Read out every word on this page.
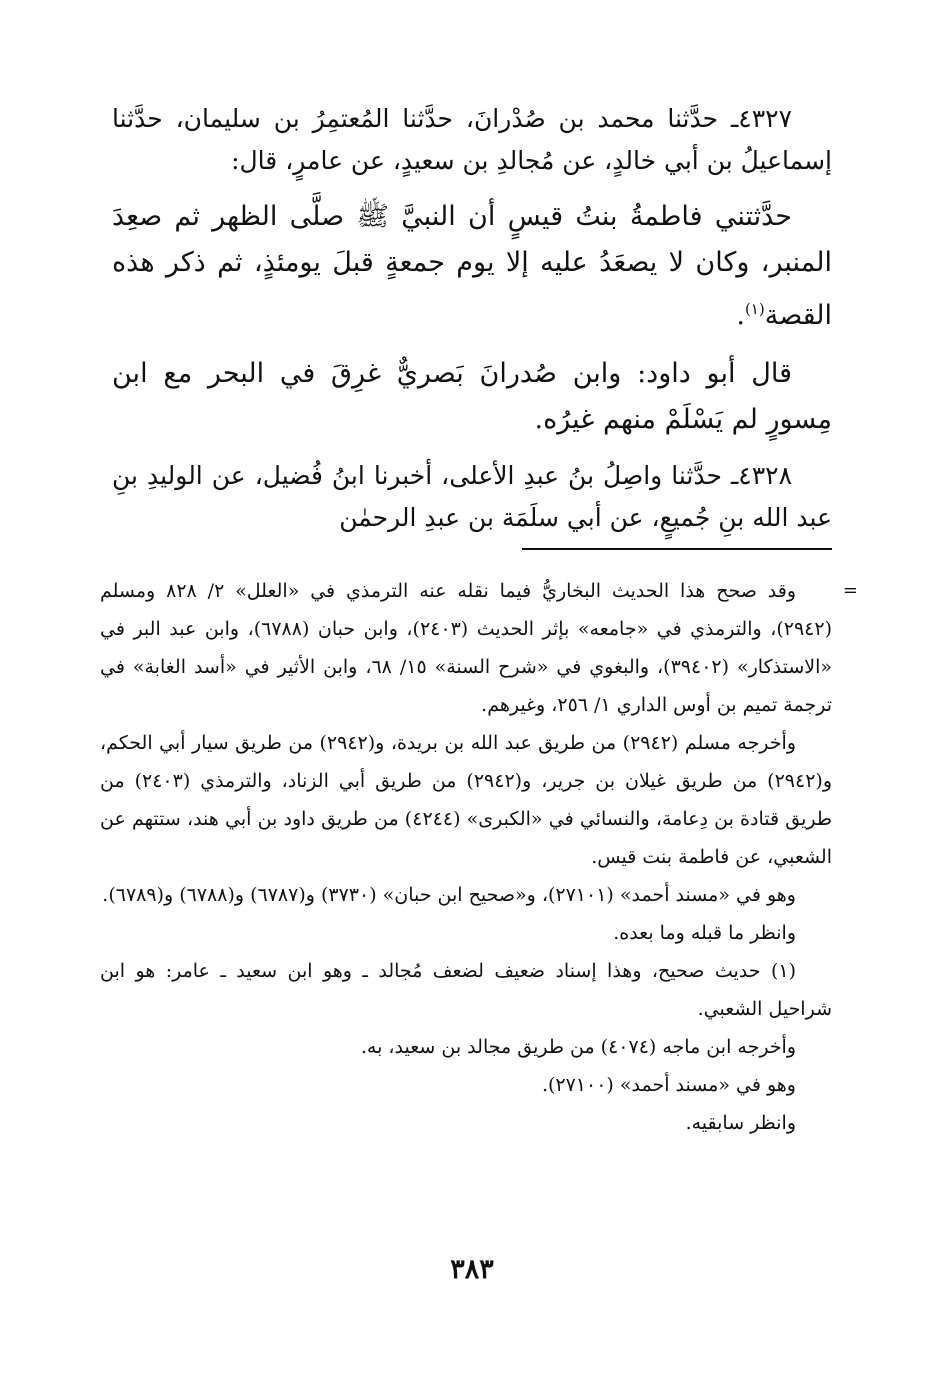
٤٣٢٧ـ حدَّثنا محمد بن صُدْرانَ، حدَّثنا المُعتمِرُ بن سليمان، حدَّثنا إسماعيلُ بن أبي خالدٍ، عن مُجالدِ بن سعيدٍ، عن عامرٍ، قال:

حدَّثتني فاطمةُ بنتُ قيسٍ أن النبيَّ ﷺ صلَّى الظهر ثم صعِدَ المنبر، وكان لا يصعَدُ عليه إلا يوم جمعةٍ قبلَ يومئذٍ، ثم ذكر هذه القصة$^{(١)}$.

قال أبو داود: وابن صُدرانَ بَصريٌّ غرِقَ في البحر مع ابن مِسورٍ لم يَسْلَمْ منهم غيرُه.

٤٣٢٨ـ حدَّثنا واصِلُ بنُ عبدِ الأعلى، أخبرنا ابنُ فُضيل، عن الوليدِ بنِ عبد الله بنِ جُميعٍ، عن أبي سلَمَة بن عبدِ الرحمٰن

=

وقد صحح هذا الحديث البخاريُّ فيما نقله عنه الترمذي في «العلل» ٢/ ٨٢٨ ومسلم (٢٩٤٢)، والترمذي في «جامعه» بإثر الحديث (٢٤٠٣)، وابن حبان (٦٧٨٨)، وابن عبد البر في «الاستذكار» (٣٩٤٠٢)، والبغوي في «شرح السنة» ١٥/ ٦٨، وابن الأثير في «أسد الغابة» في ترجمة تميم بن أوس الداري ١/ ٢٥٦، وغيرهم.

وأخرجه مسلم (٢٩٤٢) من طريق عبد الله بن بريدة، و(٢٩٤٢) من طريق سيار أبي الحكم، و(٢٩٤٢) من طريق غيلان بن جرير، و(٢٩٤٢) من طريق أبي الزناد، والترمذي (٢٤٠٣) من طريق قتادة بن دِعامة، والنسائي في «الكبرى» (٤٢٤٤) من طريق داود بن أبي هند، ستتهم عن الشعبي، عن فاطمة بنت قيس.

وهو في «مسند أحمد» (٢٧١٠١)، و«صحيح ابن حبان» (٣٧٣٠) و(٦٧٨٧) و(٦٧٨٨) و(٦٧٨٩).

وانظر ما قبله وما بعده.

(١) حديث صحيح، وهذا إسناد ضعيف لضعف مُجالد ـ وهو ابن سعيد ـ عامر: هو ابن شراحيل الشعبي.

وأخرجه ابن ماجه (٤٠٧٤) من طريق مجالد بن سعيد، به.

وهو في «مسند أحمد» (٢٧١٠٠).

وانظر سابقيه.

٣٨٣
